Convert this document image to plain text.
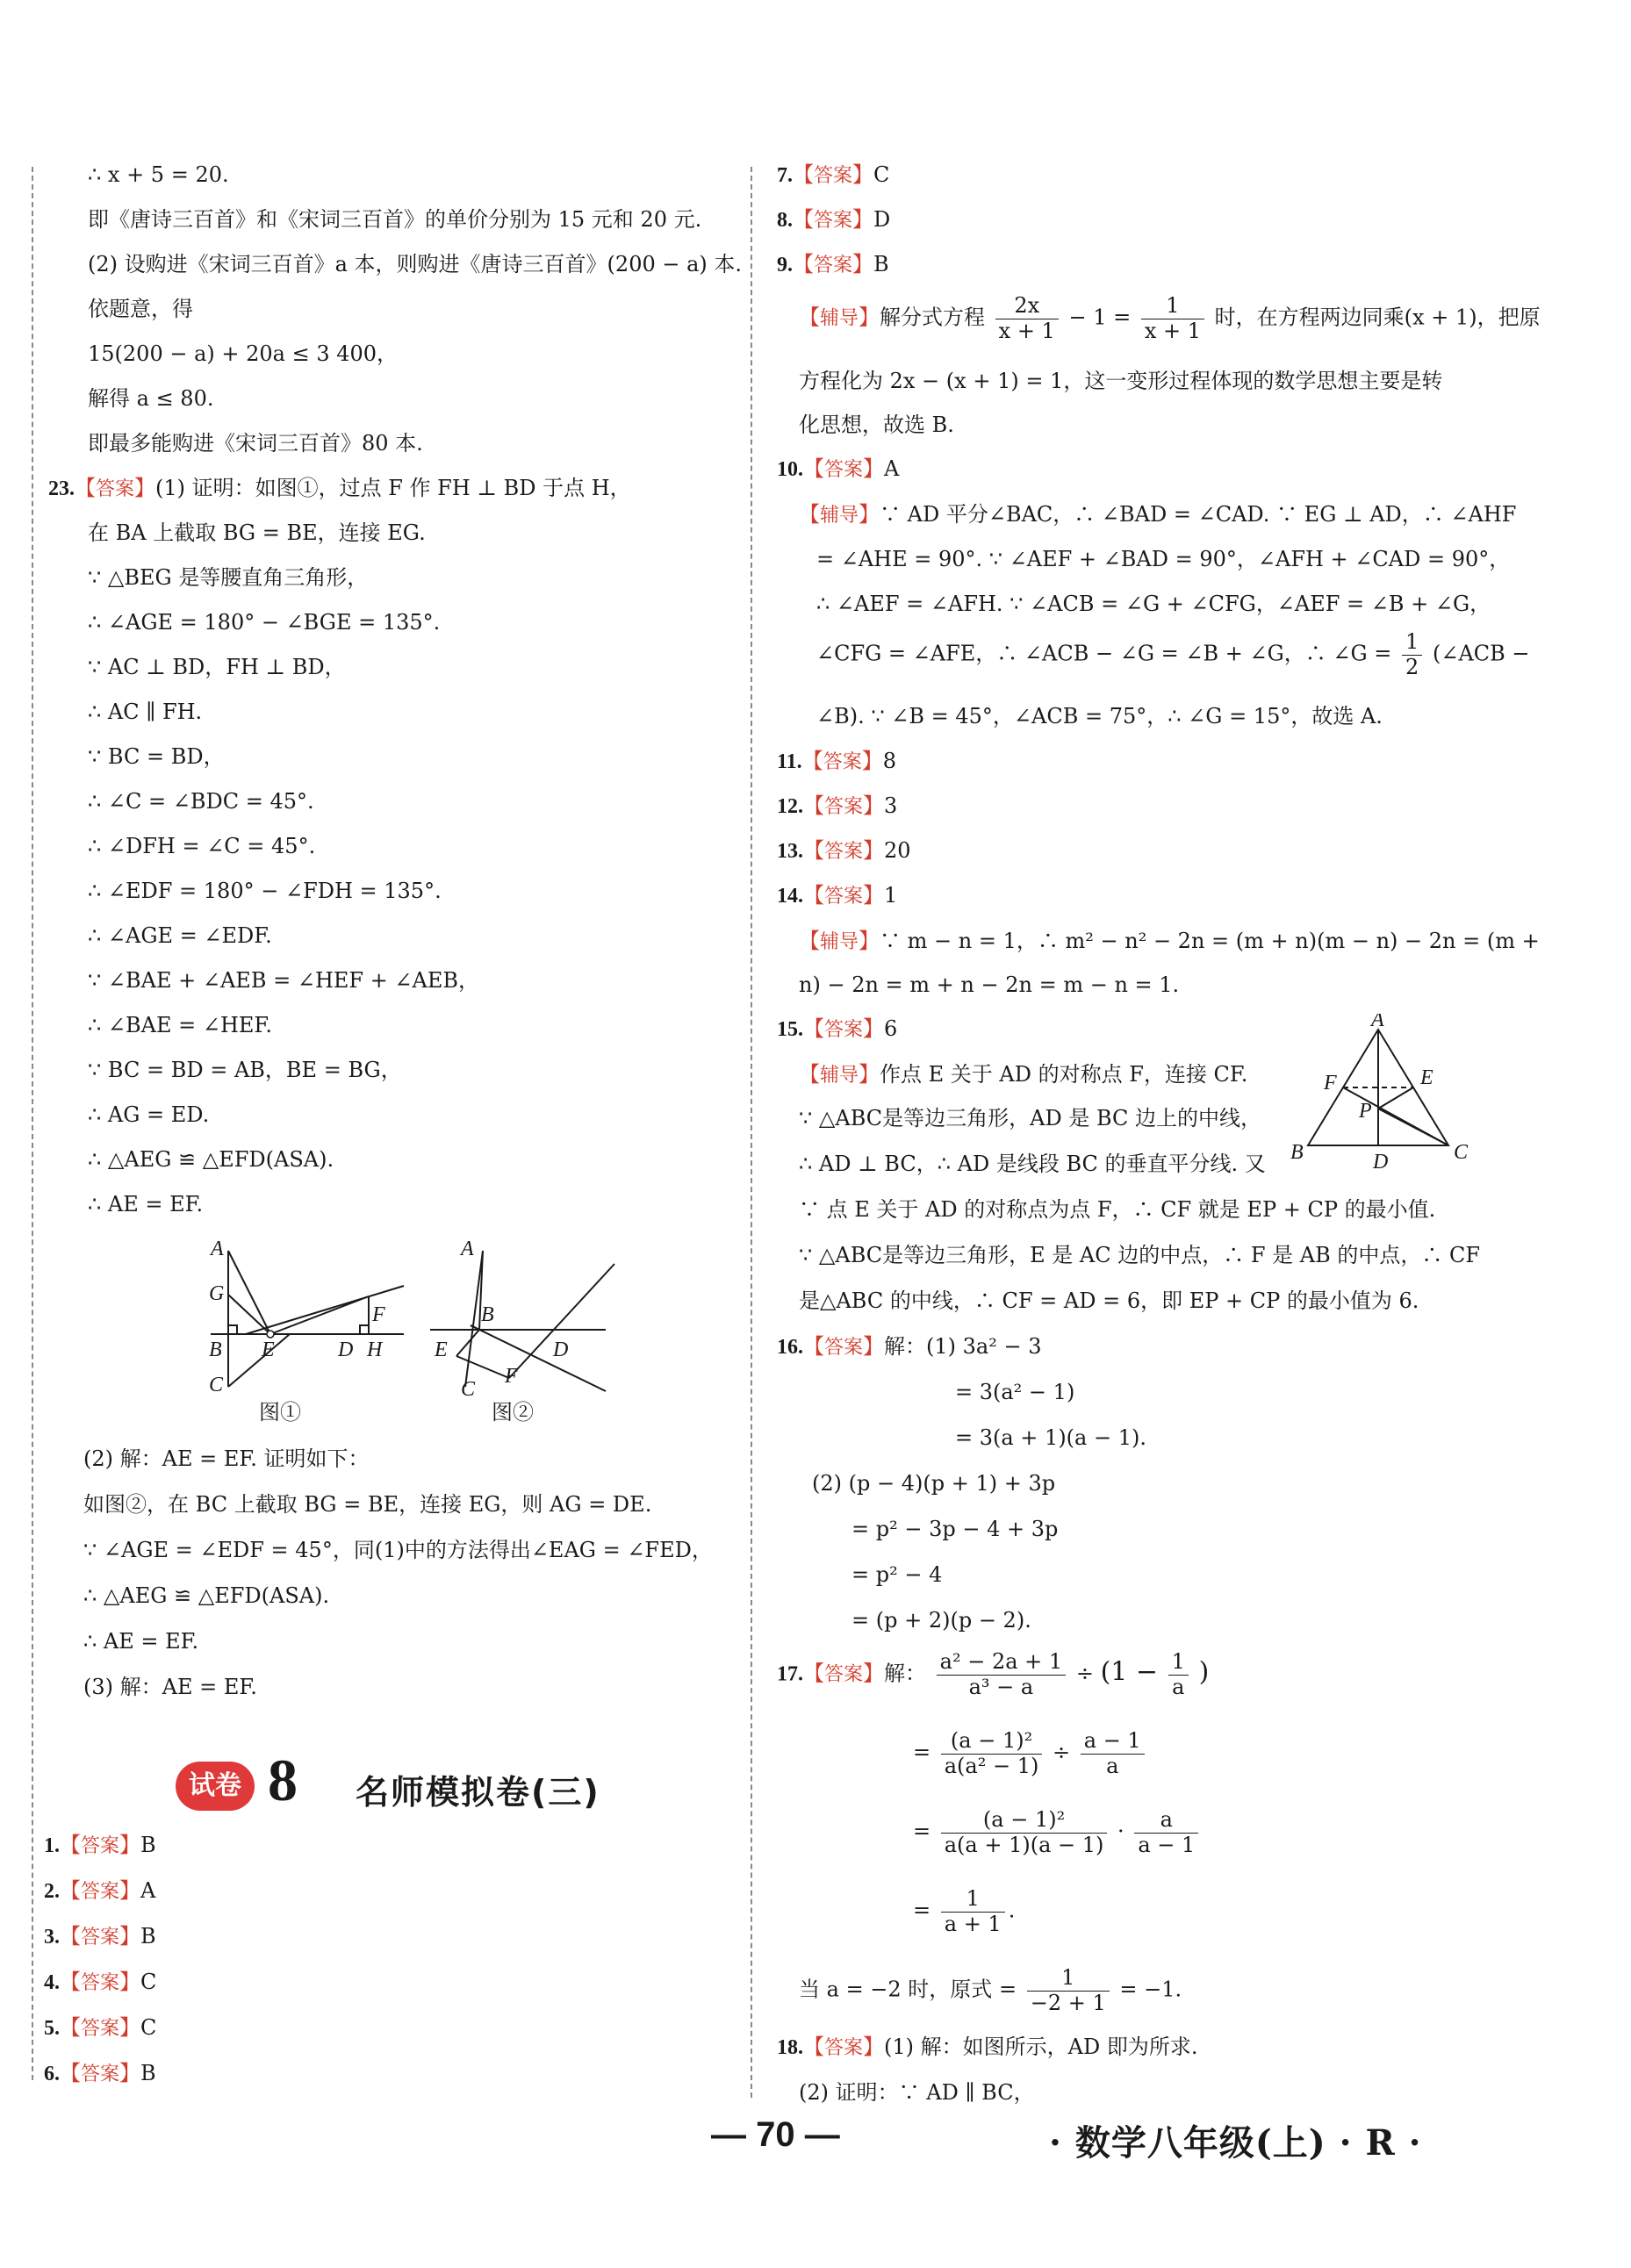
∴ x + 5 = 20.
即《唐诗三百首》和《宋词三百首》的单价分别为 15 元和 20 元.
(2) 设购进《宋词三百首》a 本，则购进《唐诗三百首》(200 − a) 本.
依题意，得
15(200 − a) + 20a ≤ 3 400，
解得 a ≤ 80.
即最多能购进《宋词三百首》80 本.
23.【答案】(1) 证明：如图①，过点 F 作 FH ⊥ BD 于点 H，
在 BA 上截取 BG = BE，连接 EG.
∵ △BEG 是等腰直角三角形，
∴ ∠AGE = 180° − ∠BGE = 135°.
∵ AC ⊥ BD，FH ⊥ BD，
∴ AC ∥ FH.
∵ BC = BD，
∴ ∠C = ∠BDC = 45°.
∴ ∠DFH = ∠C = 45°.
∴ ∠EDF = 180° − ∠FDH = 135°.
∴ ∠AGE = ∠EDF.
∵ ∠BAE + ∠AEB = ∠HEF + ∠AEB，
∴ ∠BAE = ∠HEF.
∵ BC = BD = AB，BE = BG，
∴ AG = ED.
∴ △AEG ≌ △EFD(ASA).
∴ AE = EF.
A
G
B E	D H
F
C
A
B
E	D
C
F
图①	图②
(2) 解：AE = EF. 证明如下：
如图②，在 BC 上截取 BG = BE，连接 EG，则 AG = DE.
∵ ∠AGE = ∠EDF = 45°，同(1)中的方法得出∠EAG = ∠FED，
∴ △AEG ≌ △EFD(ASA).
∴ AE = EF.
(3) 解：AE = EF.
试卷 8 名师模拟卷(三)
1.【答案】B
2.【答案】A
3.【答案】B
4.【答案】C
5.【答案】C
6.【答案】B
7.【答案】C
8.【答案】D
9.【答案】B
【辅导】解分式方程 $\frac{2x}{x + 1} - 1 = \frac{1}{x + 1}$ 时，在方程两边同乘(x + 1)，把原
方程化为 2x − (x + 1) = 1，这一变形过程体现的数学思想主要是转
化思想，故选 B.
10.【答案】A
【辅导】∵ AD 平分∠BAC，∴ ∠BAD = ∠CAD. ∵ EG ⊥ AD，∴ ∠AHF
= ∠AHE = 90°. ∵ ∠AEF + ∠BAD = 90°，∠AFH + ∠CAD = 90°，
∴ ∠AEF = ∠AFH. ∵ ∠ACB = ∠G + ∠CFG，∠AEF = ∠B + ∠G，
∠CFG = ∠AFE，∴ ∠ACB − ∠G = ∠B + ∠G，∴ ∠G = $\frac{1}{2}$ (∠ACB −
∠B). ∵ ∠B = 45°，∠ACB = 75°，∴ ∠G = 15°，故选 A.
11.【答案】8
12.【答案】3
13.【答案】20
14.【答案】1
【辅导】∵ m − n = 1，∴ m² − n² − 2n = (m + n)(m − n) − 2n = (m +
n) − 2n = m + n − 2n = m − n = 1.
15.【答案】6
【辅导】作点 E 关于 AD 的对称点 F，连接 CF.
∵ △ABC是等边三角形，AD 是 BC 边上的中线，
∴ AD ⊥ BC，∴ AD 是线段 BC 的垂直平分线. 又
∵ 点 E 关于 AD 的对称点为点 F，∴ CF 就是 EP + CP 的最小值.
∵ △ABC是等边三角形，E 是 AC 边的中点，∴ F 是 AB 的中点，∴ CF
是△ABC 的中线，∴ CF = AD = 6，即 EP + CP 的最小值为 6.
A
F	E
P
B	D	C
16.【答案】解：(1) 3a² − 3
= 3(a² − 1)
= 3(a + 1)(a − 1).
(2) (p − 4)(p + 1) + 3p
= p² − 3p − 4 + 3p
= p² − 4
= (p + 2)(p − 2).
17.【答案】解： $\frac{\text{a² − 2a + 1}}{\text{a³ − a}} \div (1 - \frac{1}{a}$ )
= $\frac{\text{(a − 1)²}}{\text{a(a² − 1)}} \div \frac{a - 1}{a}$
= $\frac{\text{(a − 1)²}}{a(a + 1)(a - 1)} \cdot \frac{a}{a - 1}$
= $\frac{1}{a + 1}$ .
当 a = −2 时，原式 = $\frac{1}{-2 + 1} = -1$.
18.【答案】(1) 解：如图所示，AD 即为所求.
(2) 证明：∵ AD ∥ BC，
— 70 —	· 数学八年级(上) · R ·
